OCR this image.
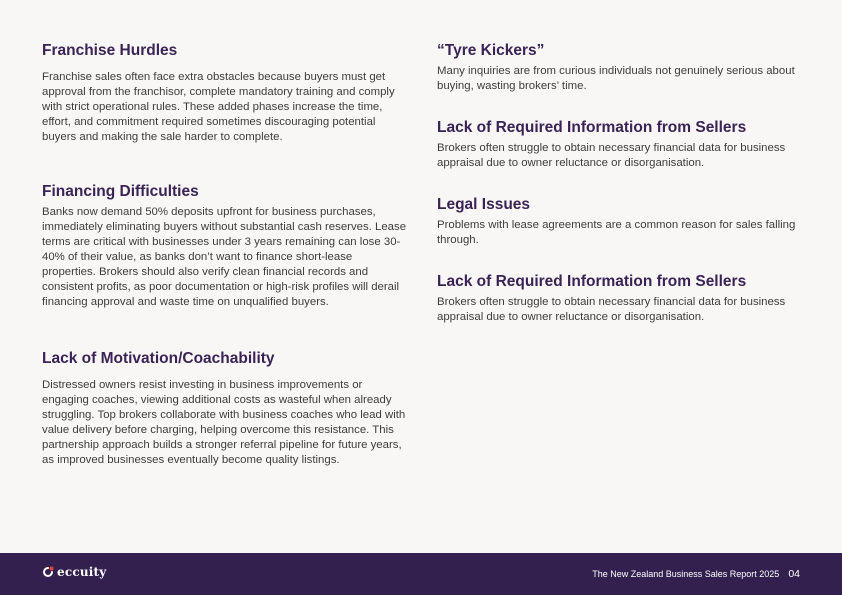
Franchise Hurdles

Franchise sales often face extra obstacles because buyers must get approval from the franchisor, complete mandatory training and comply with strict operational rules. These added phases increase the time, effort, and commitment required sometimes discouraging potential buyers and making the sale harder to complete.

Financing Difficulties

Banks now demand 50% deposits upfront for business purchases, immediately eliminating buyers without substantial cash reserves. Lease terms are critical with businesses under 3 years remaining can lose 30-40% of their value, as banks don’t want to finance short-lease properties. Brokers should also verify clean financial records and consistent profits, as poor documentation or high-risk profiles will derail financing approval and waste time on unqualified buyers.

Lack of Motivation/Coachability

Distressed owners resist investing in business improvements or engaging coaches, viewing additional costs as wasteful when already struggling. Top brokers collaborate with business coaches who lead with value delivery before charging, helping overcome this resistance. This partnership approach builds a stronger referral pipeline for future years, as improved businesses eventually become quality listings.

“Tyre Kickers”

Many inquiries are from curious individuals not genuinely serious about buying, wasting brokers’ time.

Lack of Required Information from Sellers

Brokers often struggle to obtain necessary financial data for business appraisal due to owner reluctance or disorganisation.

Legal Issues

Problems with lease agreements are a common reason for sales falling through.

Lack of Required Information from Sellers

Brokers often struggle to obtain necessary financial data for business appraisal due to owner reluctance or disorganisation.

eccuity	The New Zealand Business Sales Report 2025 04
